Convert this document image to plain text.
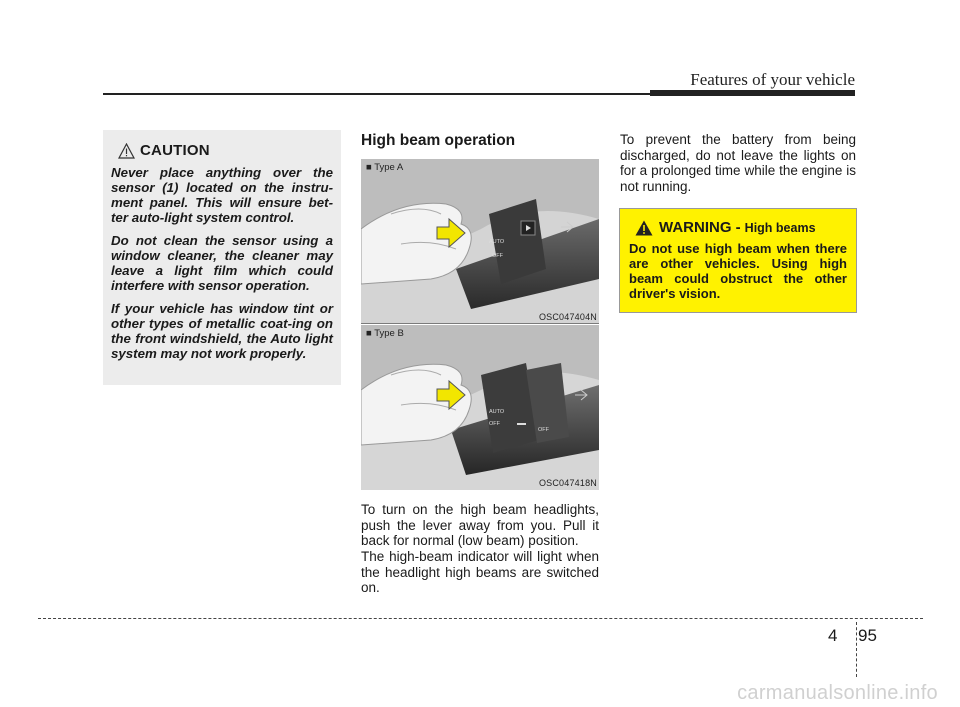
Features of your vehicle
CAUTION

Never place anything over the sensor (1) located on the instru-ment panel. This will ensure bet-ter auto-light system control.

Do not clean the sensor using a window cleaner, the cleaner may leave a light film which could interfere with sensor operation.

If your vehicle has window tint or other types of metallic coat-ing on the front windshield, the Auto light system may not work properly.

High beam operation
AUTO
OFF
■ Type A
OSC047404N
AUTO
OFF
OFF
■ Type B
OSC047418N

To turn on the high beam headlights, push the lever away from you. Pull it back for normal (low beam) position.

The high-beam indicator will light when the headlight high beams are switched on.

To prevent the battery from being discharged, do not leave the lights on for a prolonged time while the engine is not running.

WARNING - High beams

Do not use high beam when there are other vehicles. Using high beam could obstruct the other driver's vision.

4 95
carmanualsonline.info
